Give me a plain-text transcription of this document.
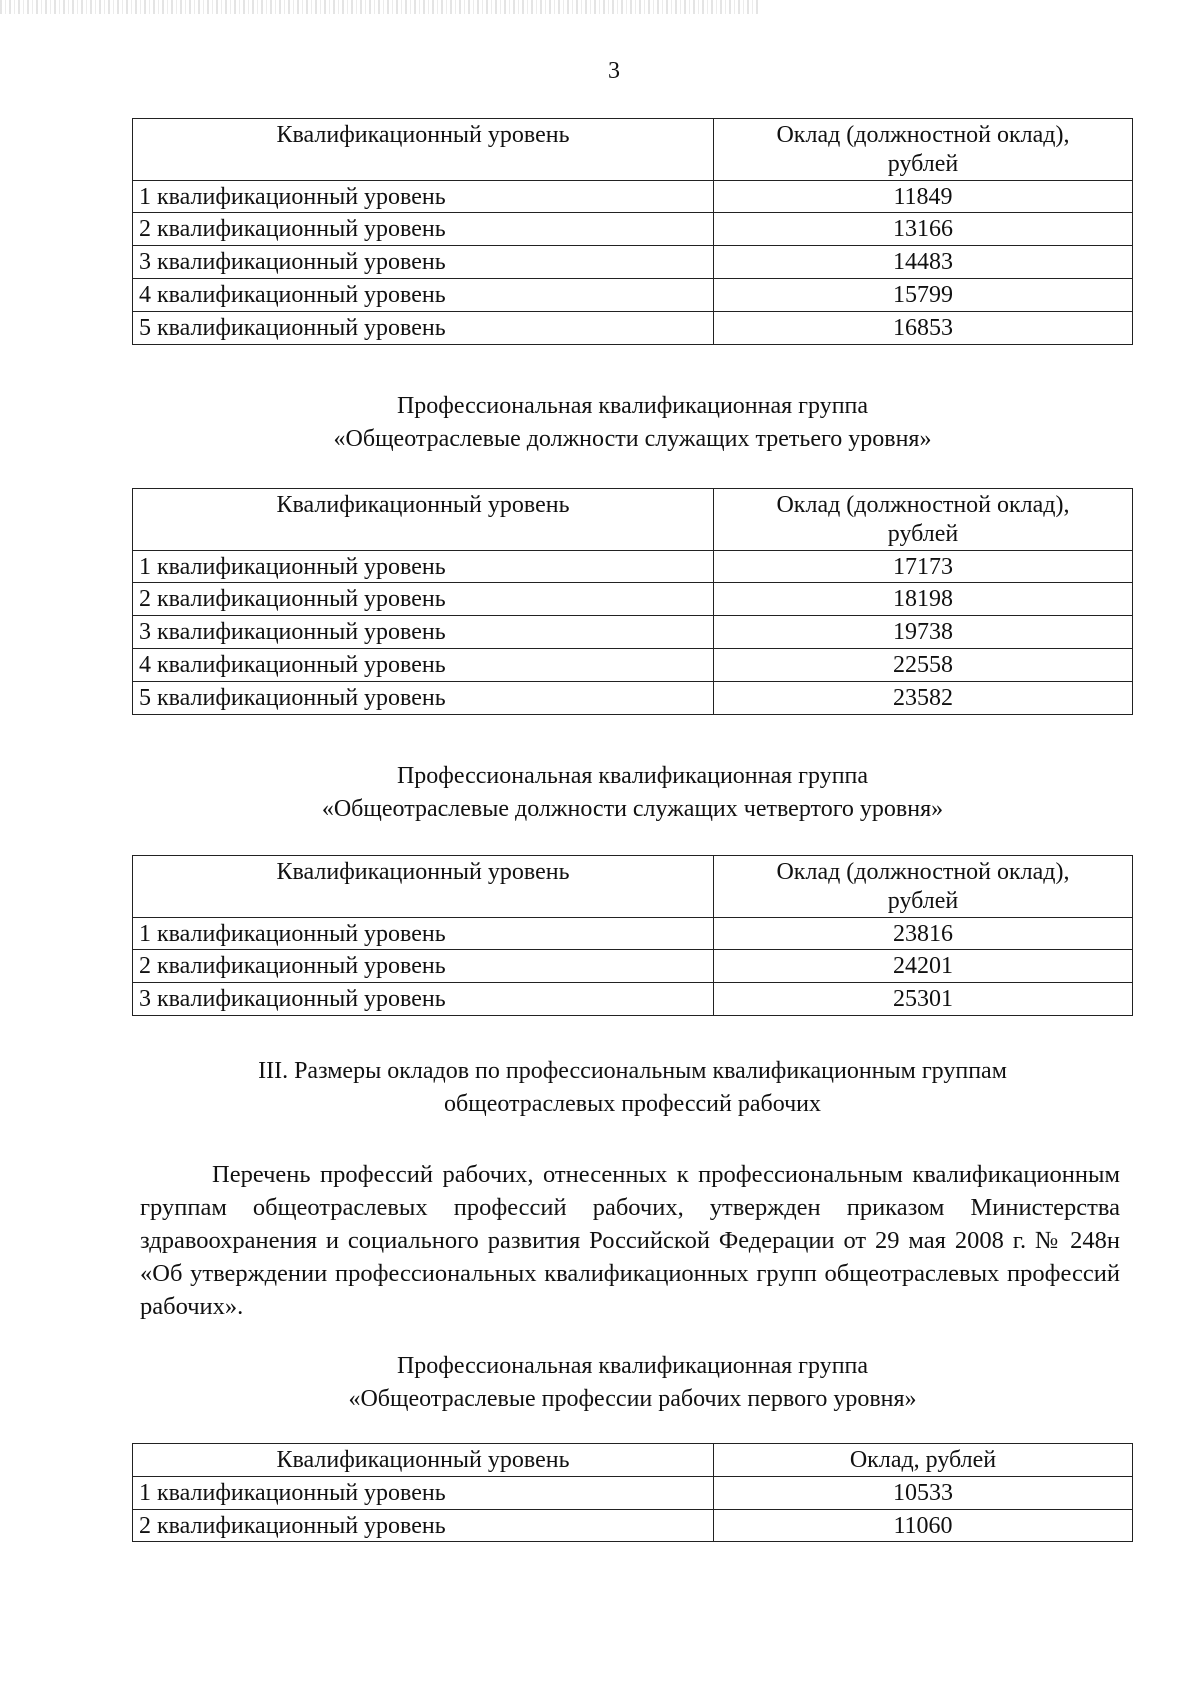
3
Квалификационный уровень	Оклад (должностной оклад),
рублей

1 квалификационный уровень	11849
2 квалификационный уровень	13166
3 квалификационный уровень	14483
4 квалификационный уровень	15799
5 квалификационный уровень	16853
Профессиональная квалификационная группа
«Общеотраслевые должности служащих третьего уровня»
Квалификационный уровень	Оклад (должностной оклад),
рублей

1 квалификационный уровень	17173
2 квалификационный уровень	18198
3 квалификационный уровень	19738
4 квалификационный уровень	22558
5 квалификационный уровень	23582
Профессиональная квалификационная группа
«Общеотраслевые должности служащих четвертого уровня»
Квалификационный уровень	Оклад (должностной оклад),
рублей

1 квалификационный уровень	23816
2 квалификационный уровень	24201
3 квалификационный уровень	25301
III. Размеры окладов по профессиональным квалификационным группам
общеотраслевых профессий рабочих
Перечень профессий рабочих, отнесенных к профессиональным квалификационным группам общеотраслевых профессий рабочих, утвержден приказом Министерства здравоохранения и социального развития Российской Федерации от 29 мая 2008 г. № 248н «Об утверждении профессиональных квалификационных групп общеотраслевых профессий рабочих».
Профессиональная квалификационная группа
«Общеотраслевые профессии рабочих первого уровня»
Квалификационный уровень	Оклад, рублей
1 квалификационный уровень	10533
2 квалификационный уровень	11060
